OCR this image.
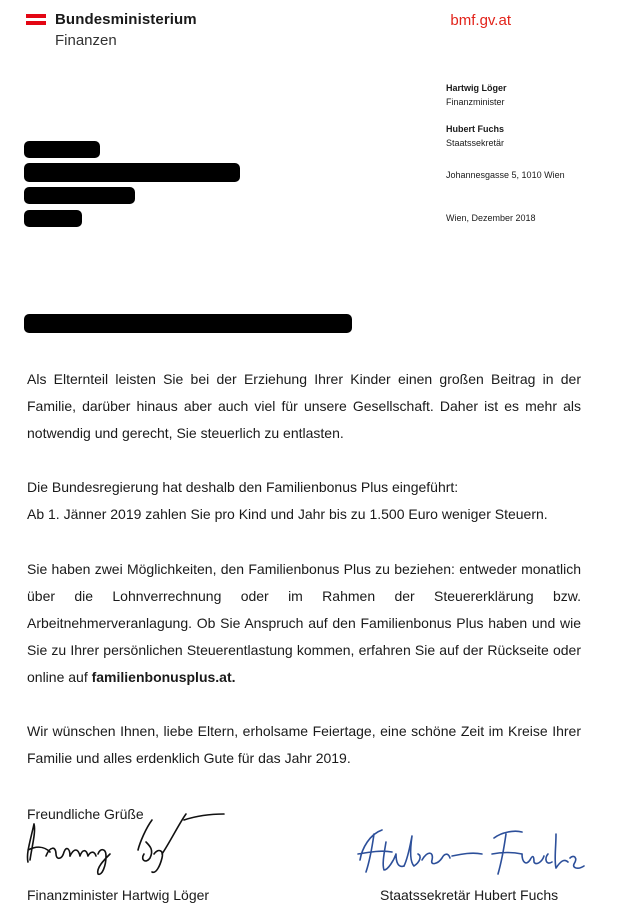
Bundesministerium
Finanzen
bmf.gv.at
Hartwig Löger
Finanzminister
Hubert Fuchs
Staatssekretär
Johannesgasse 5, 1010 Wien
Wien, Dezember 2018

Als Elternteil leisten Sie bei der Erziehung Ihrer Kinder einen großen Beitrag in der Familie, darüber hinaus aber auch viel für unsere Gesellschaft. Daher ist es mehr als notwendig und gerecht, Sie steuerlich zu entlasten.

Die Bundesregierung hat deshalb den Familienbonus Plus eingeführt:
Ab 1. Jänner 2019 zahlen Sie pro Kind und Jahr bis zu 1.500 Euro weniger Steuern.

Sie haben zwei Möglichkeiten, den Familienbonus Plus zu beziehen: entweder monatlich über die Lohnverrechnung oder im Rahmen der Steuererklärung bzw. Arbeitnehmerveranlagung. Ob Sie Anspruch auf den Familienbonus Plus haben und wie Sie zu Ihrer persönlichen Steuerentlastung kommen, erfahren Sie auf der Rückseite oder online auf familienbonusplus.at.

Wir wünschen Ihnen, liebe Eltern, erholsame Feiertage, eine schöne Zeit im Kreise Ihrer Familie und alles erdenklich Gute für das Jahr 2019.

Freundliche Grüße
Finanzminister Hartwig Löger	Staatssekretär Hubert Fuchs
